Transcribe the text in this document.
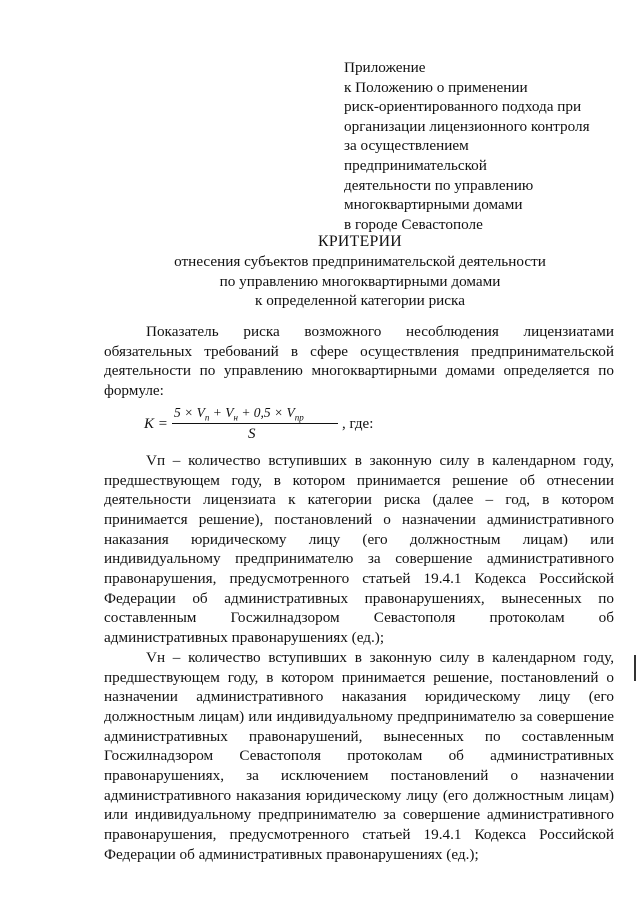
Приложение
к Положению о применении
риск-ориентированного подхода при
организации лицензионного контроля
за осуществлением
предпринимательской
деятельности по управлению
многоквартирными домами
в городе Севастополе
КРИТЕРИИ
отнесения субъектов предпринимательской деятельности
по управлению многоквартирными домами
к определенной категории риска
Показатель риска возможного несоблюдения лицензиатами обязательных требований в сфере осуществления предпринимательской деятельности по управлению многоквартирными домами определяется по формуле:
K =
$5 \times V_п + V_н + 0,5 \times V_{пр}$
S
, где:
Vп – количество вступивших в законную силу в календарном году, предшествующем году, в котором принимается решение об отнесении деятельности лицензиата к категории риска (далее – год, в котором принимается решение), постановлений о назначении административного наказания юридическому лицу (его должностным лицам) или индивидуальному предпринимателю за совершение административного правонарушения, предусмотренного статьей 19.4.1 Кодекса Российской Федерации об административных правонарушениях, вынесенных по составленным Госжилнадзором Севастополя протоколам об административных правонарушениях (ед.);
Vн – количество вступивших в законную силу в календарном году, предшествующем году, в котором принимается решение, постановлений о назначении административного наказания юридическому лицу (его должностным лицам) или индивидуальному предпринимателю за совершение административных правонарушений, вынесенных по составленным Госжилнадзором Севастополя протоколам об административных правонарушениях, за исключением постановлений о назначении административного наказания юридическому лицу (его должностным лицам) или индивидуальному предпринимателю за совершение административного правонарушения, предусмотренного статьей 19.4.1 Кодекса Российской Федерации об административных правонарушениях (ед.);
